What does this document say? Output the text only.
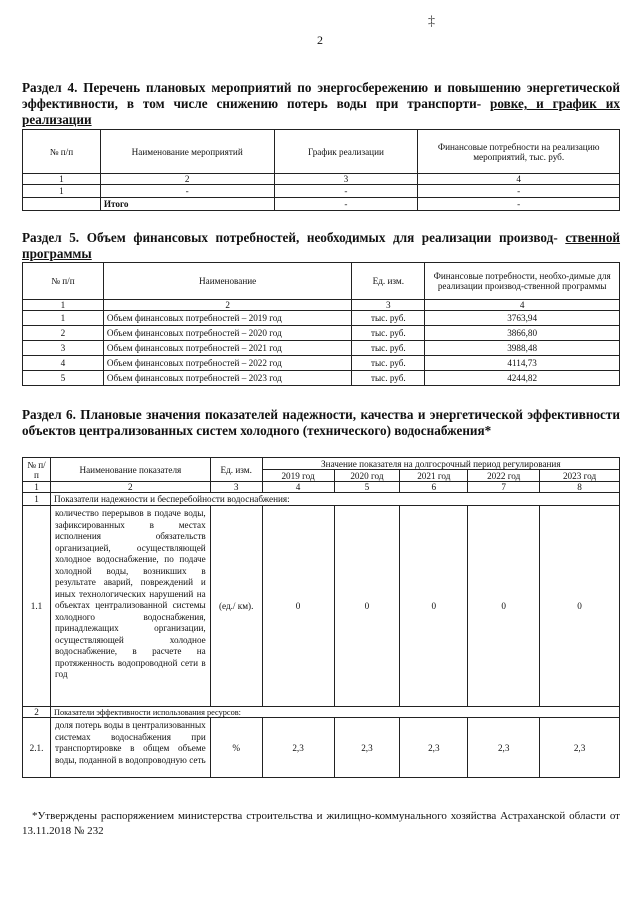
2
‡
Раздел 4. Перечень плановых мероприятий по энергосбережению и повышению энергетической эффективности, в том числе снижению потерь воды при транспорти- ровке, и график их реализации
№ п/п	Наименование мероприятий	График реализации	Финансовые потребности на реализацию мероприятий, тыс. руб.
1	2	3	4
1	-	-	-
	Итого	-	-
Раздел 5. Объем финансовых потребностей, необходимых для реализации производ- ственной программы
№ п/п	Наименование	Ед. изм.	Финансовые потребности, необхо-димые для реализации производ-ственной программы
1	2	3	4
1	Объем финансовых потребностей – 2019 год	тыс. руб.	3763,94
2	Объем финансовых потребностей – 2020 год	тыс. руб.	3866,80
3	Объем финансовых потребностей – 2021 год	тыс. руб.	3988,48
4	Объем финансовых потребностей – 2022 год	тыс. руб.	4114,73
5	Объем финансовых потребностей – 2023 год	тыс. руб.	4244,82
Раздел 6. Плановые значения показателей надежности, качества и энергетической эффективности объектов централизованных систем холодного (технического) водоснабжения*
№ п/п	Наименование показателя	Ед. изм.	Значение показателя на долгосрочный период регулирования				
			2019 год	2020 год	2021 год	2022 год	2023 год
1	2	3	4	5	6	7	8
1	Показатели надежности и бесперебойности водоснабжения:						
1.1	количество перерывов в подаче воды, зафиксированных в местах исполнения обязательств организацией, осуществляющей холодное водоснабжение, по подаче холодной воды, возникших в результате аварий, повреждений и иных технологических нарушений на объектах централизованной системы холодного водоснабжения, принадлежащих организации, осуществляющей холодное водоснабжение, в расчете на протяженность водопроводной сети в год	(ед./ км).	0	0	0	0	0
2	Показатели эффективности использования ресурсов:						
2.1.	доля потерь воды в централизованных системах водоснабжения при транспортировке в общем объеме воды, поданной в водопроводную сеть	%	2,3	2,3	2,3	2,3	2,3
*Утверждены распоряжением министерства строительства и жилищно-коммунального хозяйства Астраханской области от 13.11.2018 № 232
